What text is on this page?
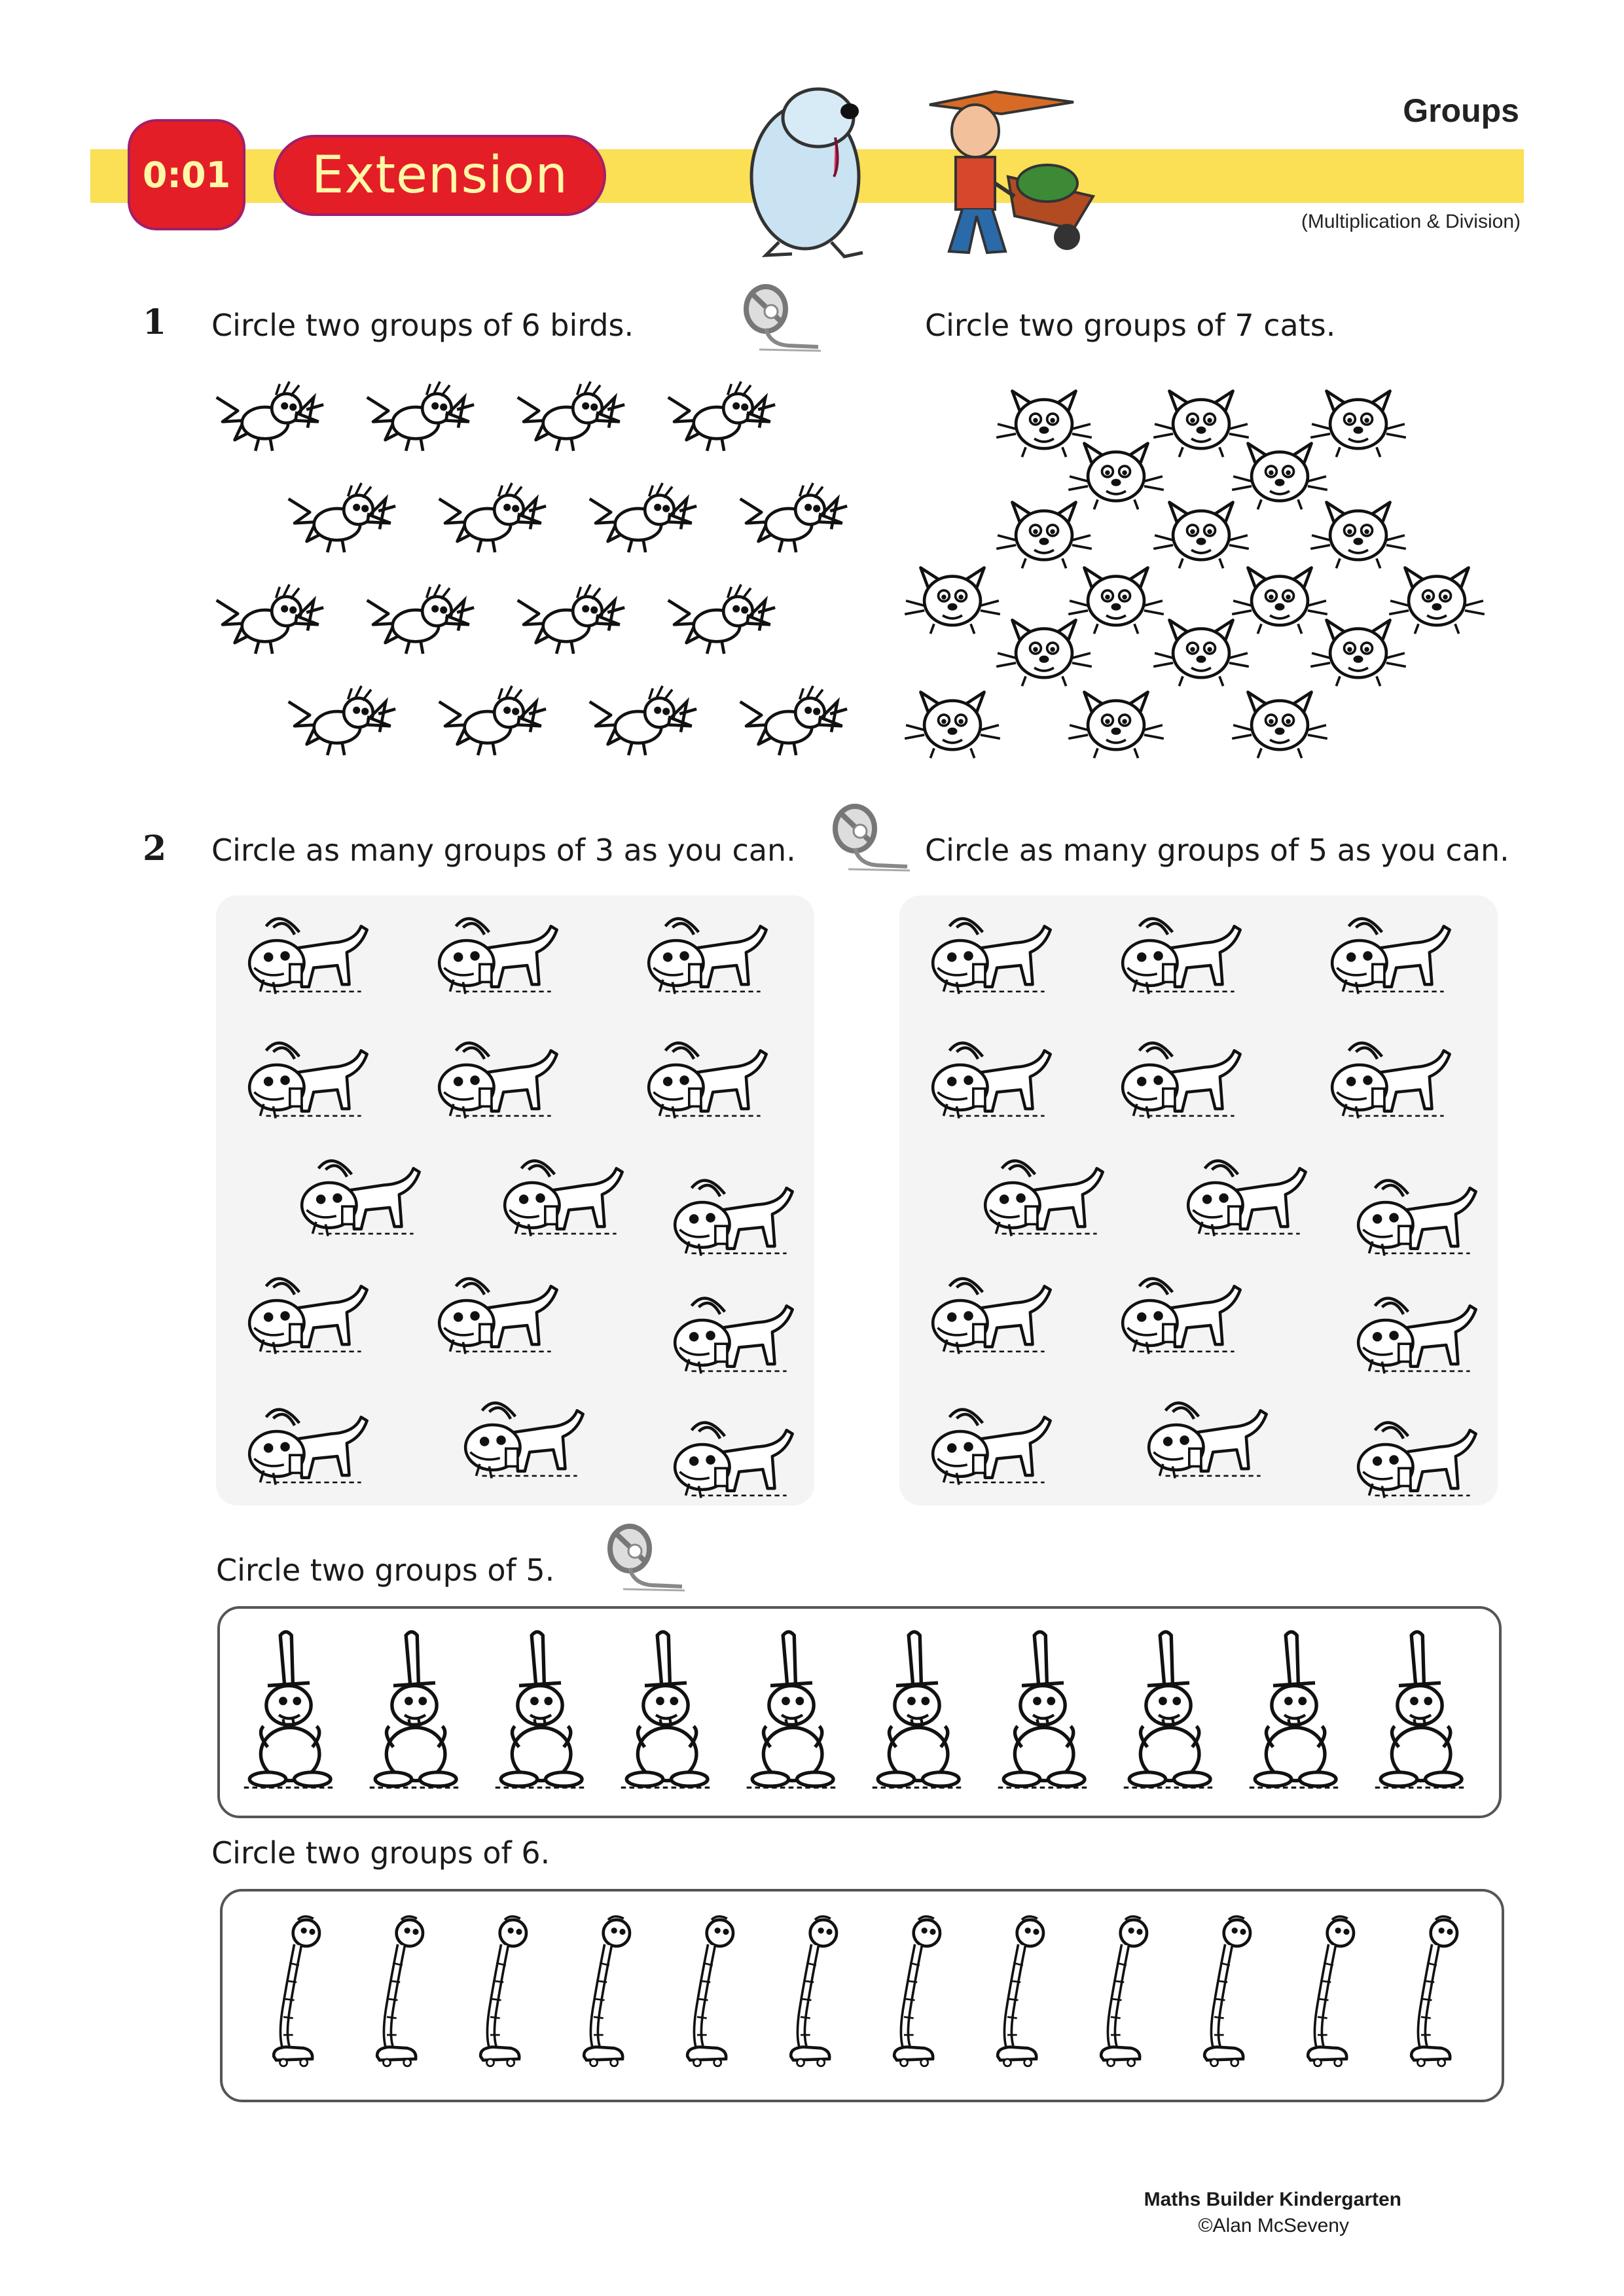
0:01 Extension
Groups
(Multiplication & Division)
1 Circle two groups of 6 birds.	Circle two groups of 7 cats.
2 Circle as many groups of 3 as you can.	Circle as many groups of 5 as you can.
Circle two groups of 5.
Circle two groups of 6.
Maths Builder Kindergarten
©Alan McSeveny
